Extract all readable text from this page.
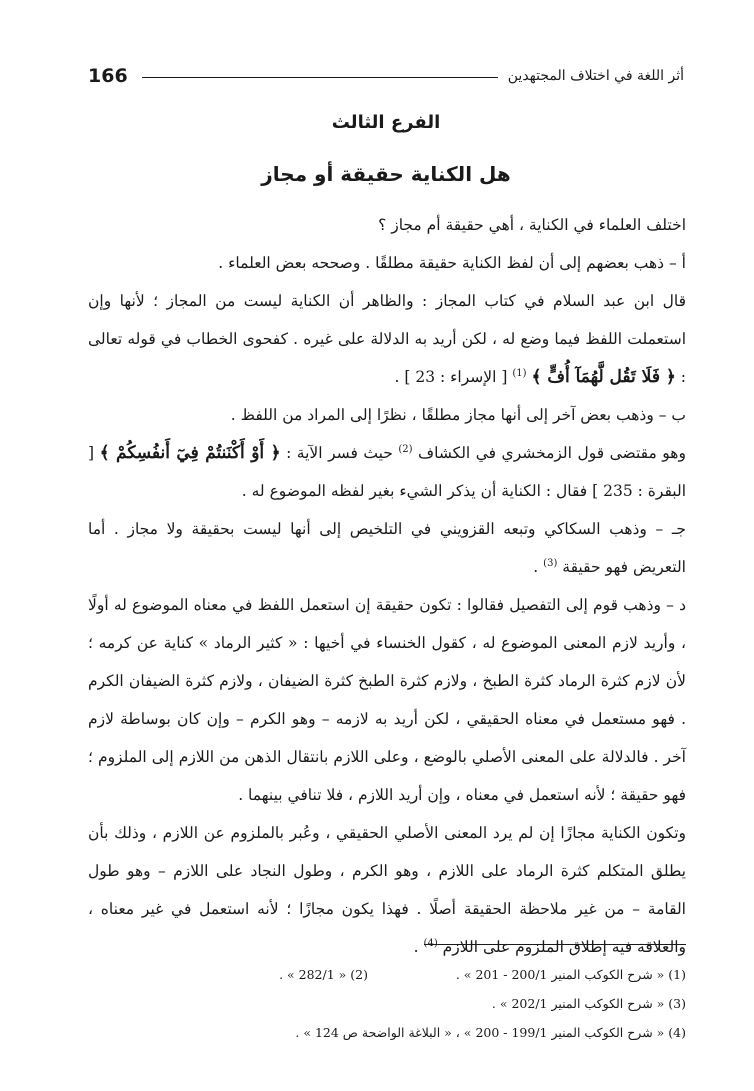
166	أثر اللغة في اختلاف المجتهدين
الفرع الثالث
هل الكناية حقيقة أو مجاز

اختلف العلماء في الكناية ، أهي حقيقة أم مجاز ؟

أ – ذهب بعضهم إلى أن لفظ الكناية حقيقة مطلقًا . وصححه بعض العلماء .

قال ابن عبد السلام في كتاب المجاز : والظاهر أن الكناية ليست من المجاز ؛ لأنها وإن استعملت اللفظ فيما وضع له ، لكن أريد به الدلالة على غيره . كفحوى الخطاب في قوله تعالى : ﴿ فَلَا تَقُل لَّهُمَآ أُفٍّ ﴾ $^{(1)}$ [ الإسراء : 23 ] .

ب – وذهب بعض آخر إلى أنها مجاز مطلقًا ، نظرًا إلى المراد من اللفظ .

وهو مقتضى قول الزمخشري في الكشاف $^{(2)}$ حيث فسر الآية : ﴿ أَوْ أَكْنَنتُمْ فِيٓ أَنفُسِكُمْ ﴾ [ البقرة : 235 ] فقال : الكناية أن يذكر الشيء بغير لفظه الموضوع له .

جـ – وذهب السكاكي وتبعه القزويني في التلخيص إلى أنها ليست بحقيقة ولا مجاز . أما التعريض فهو حقيقة $^{(3)}$ .

د – وذهب قوم إلى التفصيل فقالوا : تكون حقيقة إن استعمل اللفظ في معناه الموضوع له أولًا ، وأريد لازم المعنى الموضوع له ، كقول الخنساء في أخيها : « كثير الرماد » كناية عن كرمه ؛ لأن لازم كثرة الرماد كثرة الطبخ ، ولازم كثرة الطبخ كثرة الضيفان ، ولازم كثرة الضيفان الكرم . فهو مستعمل في معناه الحقيقي ، لكن أريد به لازمه – وهو الكرم – وإن كان بوساطة لازم آخر . فالدلالة على المعنى الأصلي بالوضع ، وعلى اللازم بانتقال الذهن من اللازم إلى الملزوم ؛ فهو حقيقة ؛ لأنه استعمل في معناه ، وإن أريد اللازم ، فلا تنافي بينهما .

وتكون الكناية مجازًا إن لم يرد المعنى الأصلي الحقيقي ، وعُبر بالملزوم عن اللازم ، وذلك بأن يطلق المتكلم كثرة الرماد على اللازم ، وهو الكرم ، وطول النجاد على اللازم – وهو طول القامة – من غير ملاحظة الحقيقة أصلًا . فهذا يكون مجازًا ؛ لأنه استعمل في غير معناه ، والعلاقة فيه إطلاق الملزوم على اللازم $^{(4)}$ .

(1) « شرح الكوكب المنير 200/1 - 201 » .
(2) « 282/1 » .
(3) « شرح الكوكب المنير 202/1 » .
(4) « شرح الكوكب المنير 199/1 - 200 » ، « البلاغة الواضحة ص 124 » .
